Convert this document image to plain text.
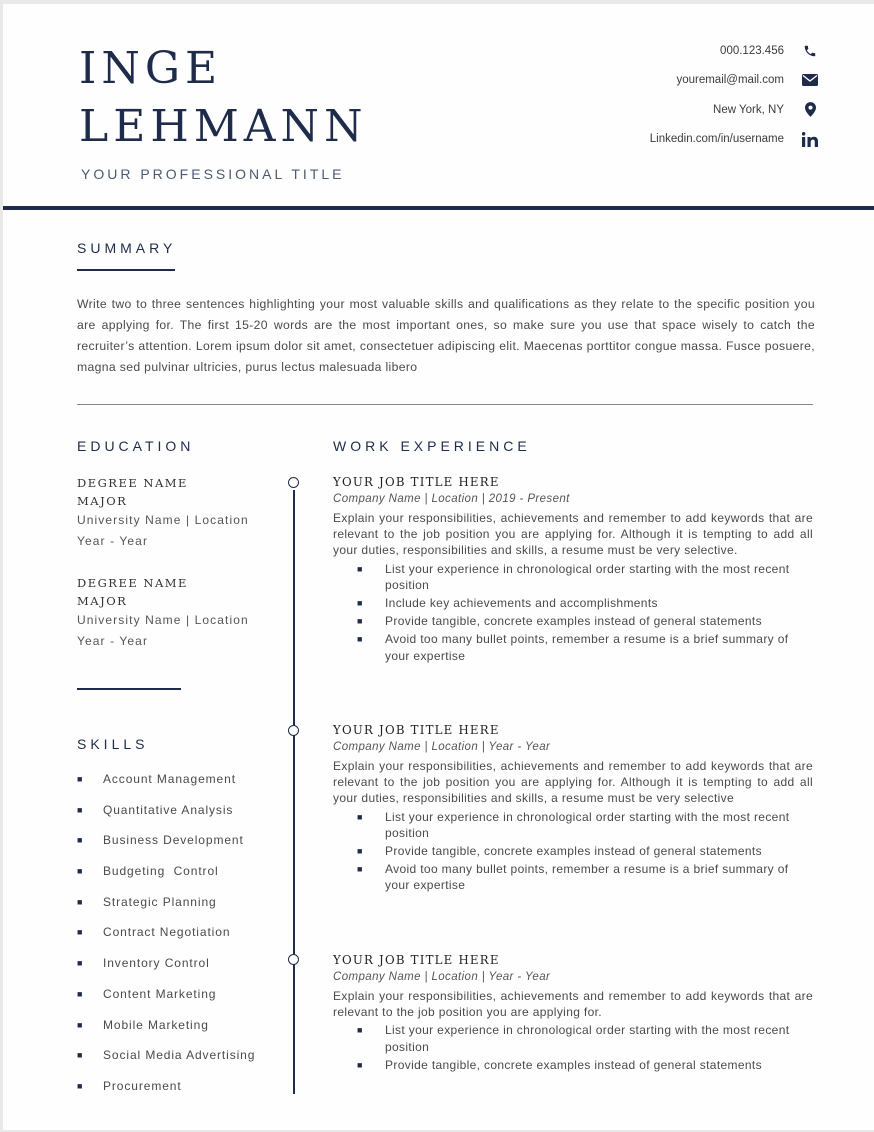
INGE
LEHMANN
YOUR PROFESSIONAL TITLE
000.123.456
youremail@mail.com
New York, NY
Linkedin.com/in/username
SUMMARY
Write two to three sentences highlighting your most valuable skills and qualifications as they relate to the specific position you are applying for. The first 15-20 words are the most important ones, so make sure you use that space wisely to catch the recruiter’s attention. Lorem ipsum dolor sit amet, consectetuer adipiscing elit. Maecenas porttitor congue massa. Fusce posuere, magna sed pulvinar ultricies, purus lectus malesuada libero
EDUCATION
DEGREE NAME
MAJOR
University Name | Location
Year - Year
DEGREE NAME
MAJOR
University Name | Location
Year - Year
SKILLS
■	Account Management
■	Quantitative Analysis
■	Business Development
■	Budgeting  Control
■	Strategic Planning
■	Contract Negotiation
■	Inventory Control
■	Content Marketing
■	Mobile Marketing
■	Social Media Advertising
■	Procurement
WORK EXPERIENCE
YOUR JOB TITLE HERE
Company Name | Location | 2019 - Present
Explain your responsibilities, achievements and remember to add keywords that are relevant to the job position you are applying for. Although it is tempting to add all your duties, responsibilities and skills, a resume must be very selective.
■	List your experience in chronological order starting with the most recent position
■	Include key achievements and accomplishments
■	Provide tangible, concrete examples instead of general statements
■	Avoid too many bullet points, remember a resume is a brief summary of your expertise
YOUR JOB TITLE HERE
Company Name | Location | Year - Year
Explain your responsibilities, achievements and remember to add keywords that are relevant to the job position you are applying for. Although it is tempting to add all your duties, responsibilities and skills, a resume must be very selective
■	List your experience in chronological order starting with the most recent position
■	Provide tangible, concrete examples instead of general statements
■	Avoid too many bullet points, remember a resume is a brief summary of your expertise
YOUR JOB TITLE HERE
Company Name | Location | Year - Year
Explain your responsibilities, achievements and remember to add keywords that are relevant to the job position you are applying for.
■	List your experience in chronological order starting with the most recent position
■	Provide tangible, concrete examples instead of general statements
